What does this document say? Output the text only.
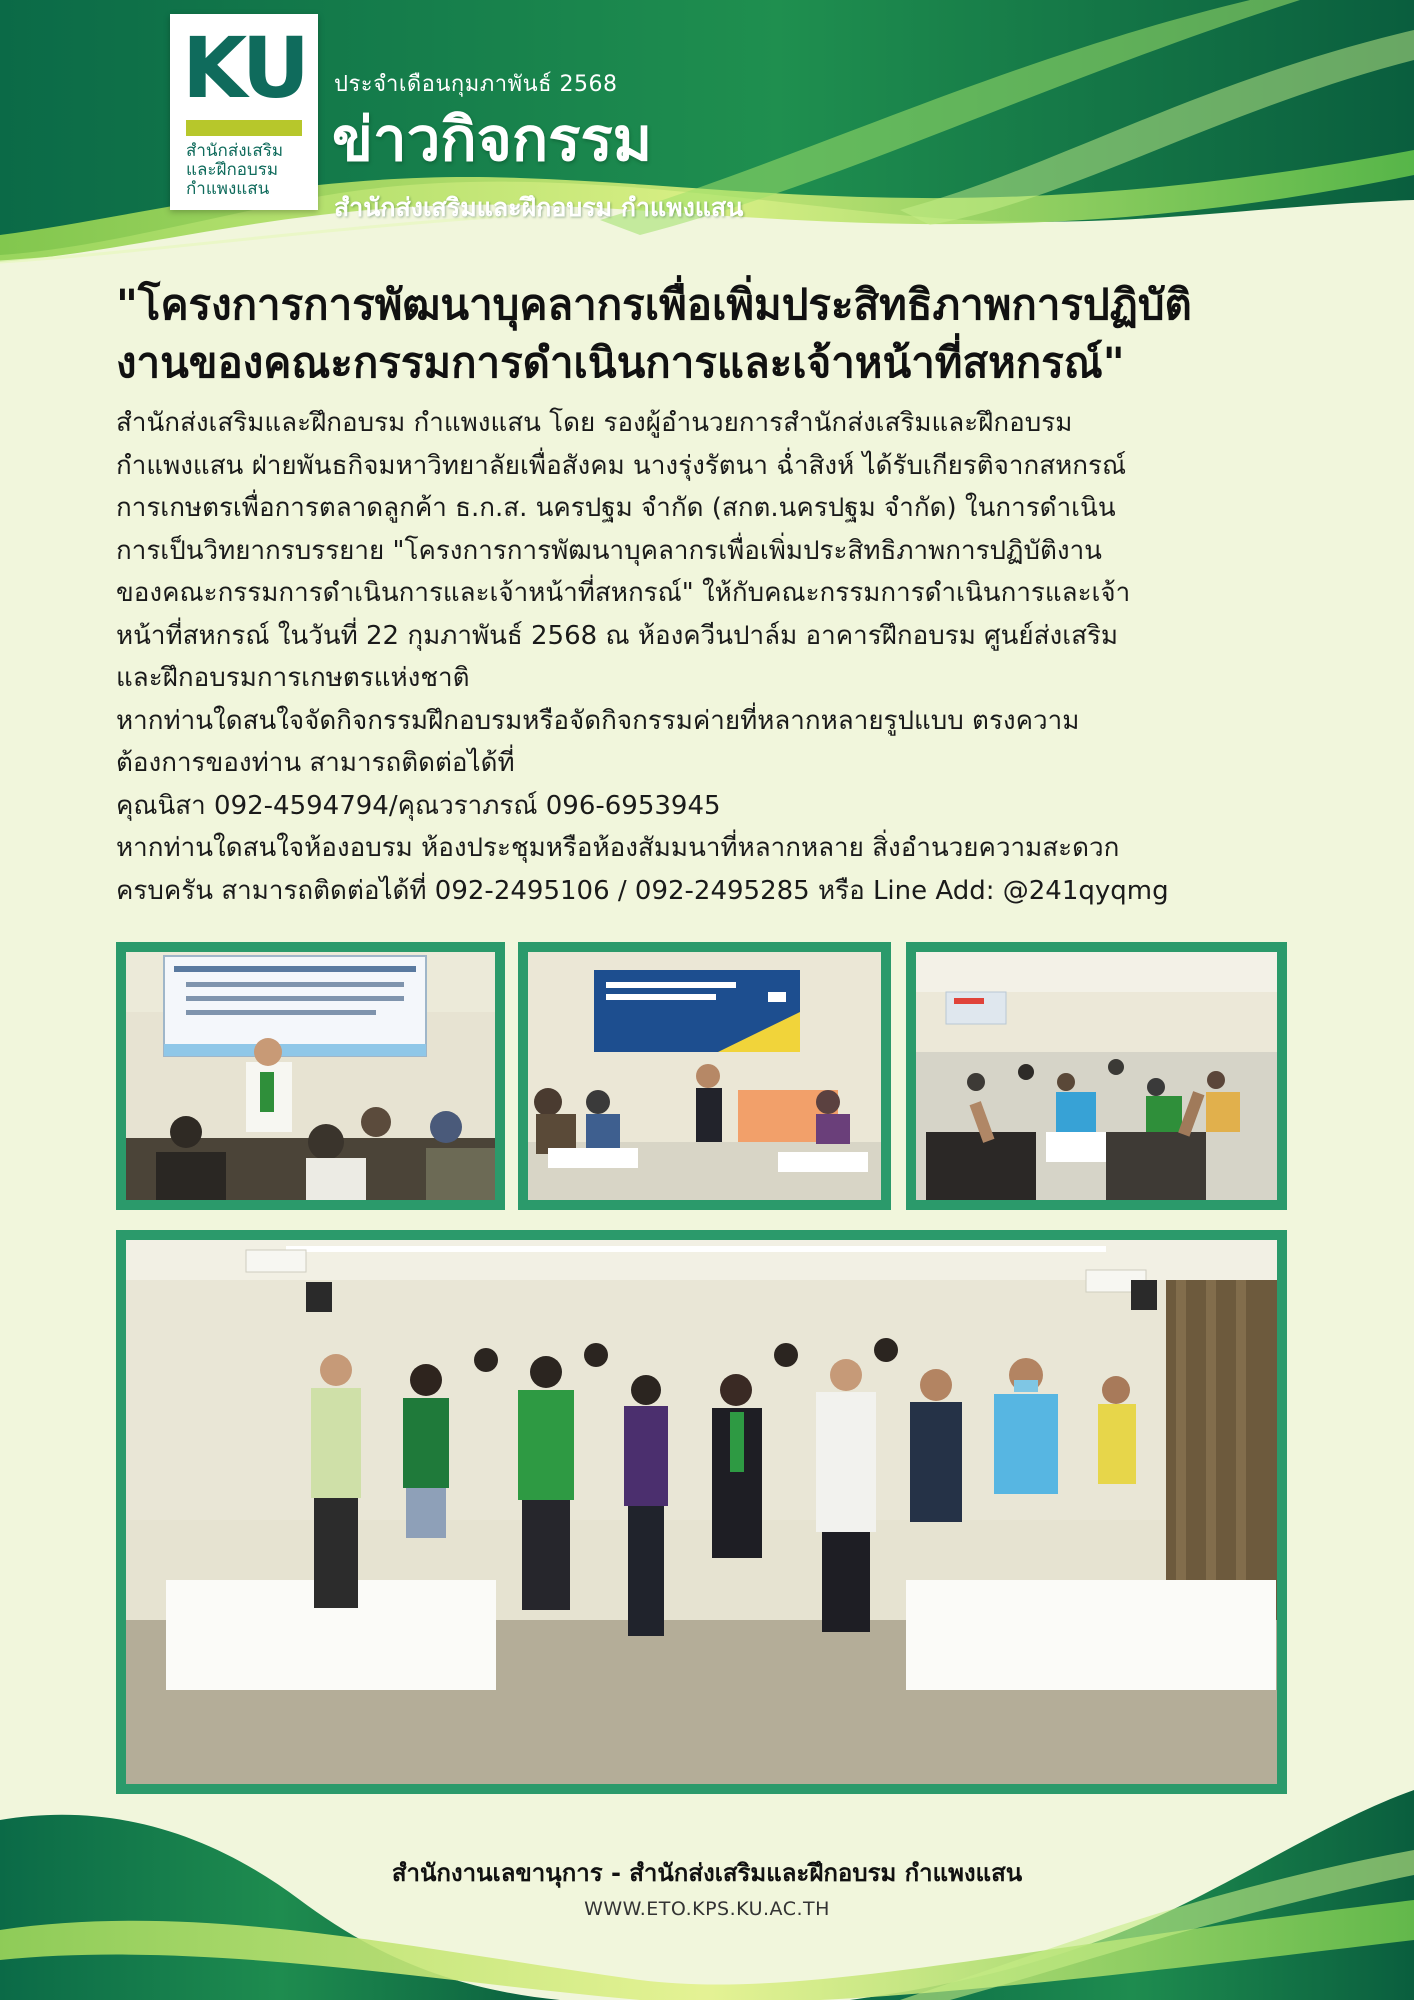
KU
สำนักส่งเสริม
และฝึกอบรม
กำแพงแสน
ประจำเดือนกุมภาพันธ์ 2568
ข่าวกิจกรรม
สำนักส่งเสริมและฝึกอบรม กำแพงแสน
"โครงการการพัฒนาบุคลากรเพื่อเพิ่มประสิทธิภาพการปฏิบัติ
งานของคณะกรรมการดำเนินการและเจ้าหน้าที่สหกรณ์"

สำนักส่งเสริมและฝึกอบรม กำแพงแสน โดย รองผู้อำนวยการสำนักส่งเสริมและฝึกอบรม

กำแพงแสน ฝ่ายพันธกิจมหาวิทยาลัยเพื่อสังคม นางรุ่งรัตนา ฉ่ำสิงห์ ได้รับเกียรติจากสหกรณ์

การเกษตรเพื่อการตลาดลูกค้า ธ.ก.ส. นครปฐม จำกัด (สกต.นครปฐม จำกัด) ในการดำเนิน

การเป็นวิทยากรบรรยาย "โครงการการพัฒนาบุคลากรเพื่อเพิ่มประสิทธิภาพการปฏิบัติงาน

ของคณะกรรมการดำเนินการและเจ้าหน้าที่สหกรณ์" ให้กับคณะกรรมการดำเนินการและเจ้า

หน้าที่สหกรณ์ ในวันที่ 22 กุมภาพันธ์ 2568 ณ ห้องควีนปาล์ม อาคารฝึกอบรม ศูนย์ส่งเสริม

และฝึกอบรมการเกษตรแห่งชาติ

หากท่านใดสนใจจัดกิจกรรมฝึกอบรมหรือจัดกิจกรรมค่ายที่หลากหลายรูปแบบ ตรงความ

ต้องการของท่าน สามารถติดต่อได้ที่

คุณนิสา 092-4594794/คุณวราภรณ์ 096-6953945

หากท่านใดสนใจห้องอบรม ห้องประชุมหรือห้องสัมมนาที่หลากหลาย สิ่งอำนวยความสะดวก

ครบครัน สามารถติดต่อได้ที่ 092-2495106 / 092-2495285 หรือ Line Add: @241qyqmg

สำนักงานเลขานุการ - สำนักส่งเสริมและฝึกอบรม กำแพงแสน
WWW.ETO.KPS.KU.AC.TH
